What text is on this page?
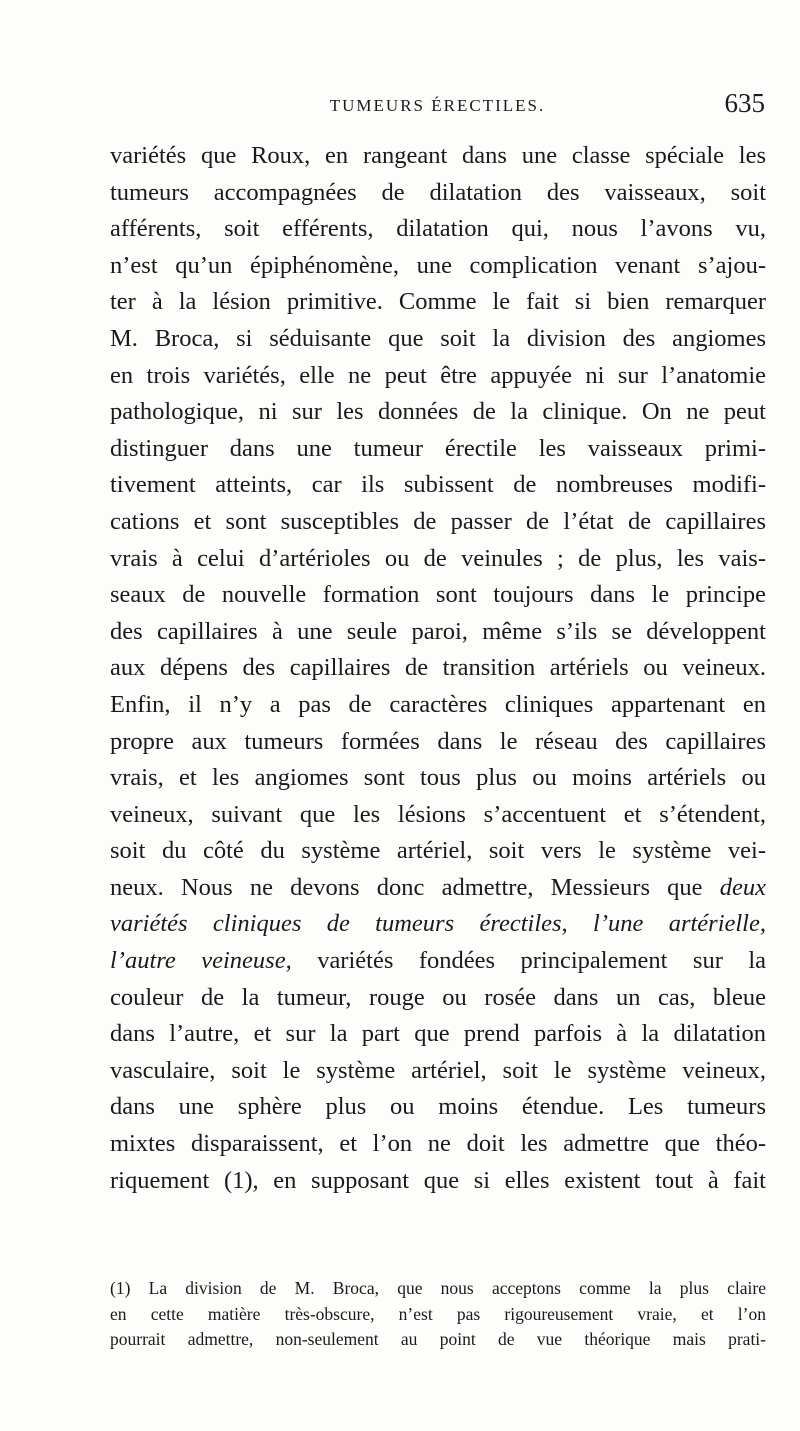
TUMEURS ÉRECTILES.	635
variétés que Roux, en rangeant dans une classe spéciale les
tumeurs accompagnées de dilatation des vaisseaux, soit
afférents, soit efférents, dilatation qui, nous l’avons vu,
n’est qu’un épiphénomène, une complication venant s’ajou-
ter à la lésion primitive. Comme le fait si bien remarquer
M. Broca, si séduisante que soit la division des angiomes
en trois variétés, elle ne peut être appuyée ni sur l’anatomie
pathologique, ni sur les données de la clinique. On ne peut
distinguer dans une tumeur érectile les vaisseaux primi-
tivement atteints, car ils subissent de nombreuses modifi-
cations et sont susceptibles de passer de l’état de capillaires
vrais à celui d’artérioles ou de veinules ; de plus, les vais-
seaux de nouvelle formation sont toujours dans le principe
des capillaires à une seule paroi, même s’ils se développent
aux dépens des capillaires de transition artériels ou veineux.
Enfin, il n’y a pas de caractères cliniques appartenant en
propre aux tumeurs formées dans le réseau des capillaires
vrais, et les angiomes sont tous plus ou moins artériels ou
veineux, suivant que les lésions s’accentuent et s’étendent,
soit du côté du système artériel, soit vers le système vei-
neux. Nous ne devons donc admettre, Messieurs que deux
variétés cliniques de tumeurs érectiles, l’une artérielle,
l’autre veineuse, variétés fondées principalement sur la
couleur de la tumeur, rouge ou rosée dans un cas, bleue
dans l’autre, et sur la part que prend parfois à la dilatation
vasculaire, soit le système artériel, soit le système veineux,
dans une sphère plus ou moins étendue. Les tumeurs
mixtes disparaissent, et l’on ne doit les admettre que théo-
riquement (1), en supposant que si elles existent tout à fait
(1) La division de M. Broca, que nous acceptons comme la plus claire
en cette matière très-obscure, n’est pas rigoureusement vraie, et l’on
pourrait admettre, non-seulement au point de vue théorique mais prati-
